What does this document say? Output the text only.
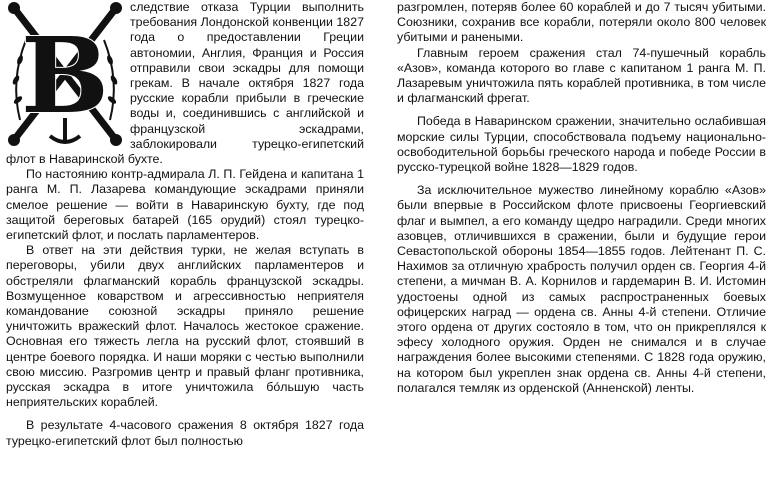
В

следствие отказа Турции выполнить требования Лондонской конвенции 1827 года о предоставлении Греции автономии, Англия, Франция и Россия отправили свои эскадры для помощи грекам. В начале октября 1827 года русские корабли прибыли в греческие воды и, соединившись с английской и французской эскадрами, заблокировали турецко-египетский флот в Наваринской бухте.

По настоянию контр-адмирала Л. П. Гейдена и капитана 1 ранга М. П. Лазарева командующие эскадрами приняли смелое решение — войти в Наваринскую бухту, где под защитой береговых батарей (165 орудий) стоял турецко-египетский флот, и послать парламентеров.

В ответ на эти действия турки, не желая вступать в переговоры, убили двух английских парламентеров и обстреляли флагманский корабль французской эскадры. Возмущенное коварством и агрессивностью неприятеля командование союзной эскадры приняло решение уничтожить вражеский флот. Началось жестокое сражение. Основная его тяжесть легла на русский флот, стоявший в центре боевого порядка. И наши моряки с честью выполнили свою миссию. Разгромив центр и правый фланг противника, русская эскадра в итоге уничтожила бо́льшую часть неприятельских кораблей.

В результате 4-часового сражения 8 октября 1827 года турецко-египетский флот был полностью

разгромлен, потеряв более 60 кораблей и до 7 тысяч убитыми. Союзники, сохранив все корабли, потеряли около 800 человек убитыми и ранеными.

Главным героем сражения стал 74-пушечный корабль «Азов», команда которого во главе с капитаном 1 ранга М. П. Лазаревым уничтожила пять кораблей противника, в том числе и флагманский фрегат.

Победа в Наваринском сражении, значительно ослабившая морские силы Турции, способствовала подъему национально-освободительной борьбы греческого народа и победе России в русско-турецкой войне 1828—1829 годов.

За исключительное мужество линейному кораблю «Азов» были впервые в Российском флоте присвоены Георгиевский флаг и вымпел, а его команду щедро наградили. Среди многих азовцев, отличившихся в сражении, были и будущие герои Севастопольской обороны 1854—1855 годов. Лейтенант П. С. Нахимов за отличную храбрость получил орден св. Георгия 4-й степени, а мичман В. А. Корнилов и гардемарин В. И. Истомин удостоены одной из самых распространенных боевых офицерских наград — ордена св. Анны 4-й степени. Отличие этого ордена от других состояло в том, что он прикреплялся к эфесу холодного оружия. Орден не снимался и в случае награждения более высокими степенями. С 1828 года оружию, на котором был укреплен знак ордена св. Анны 4-й степени, полагался темляк из орденской (Анненской) ленты.
